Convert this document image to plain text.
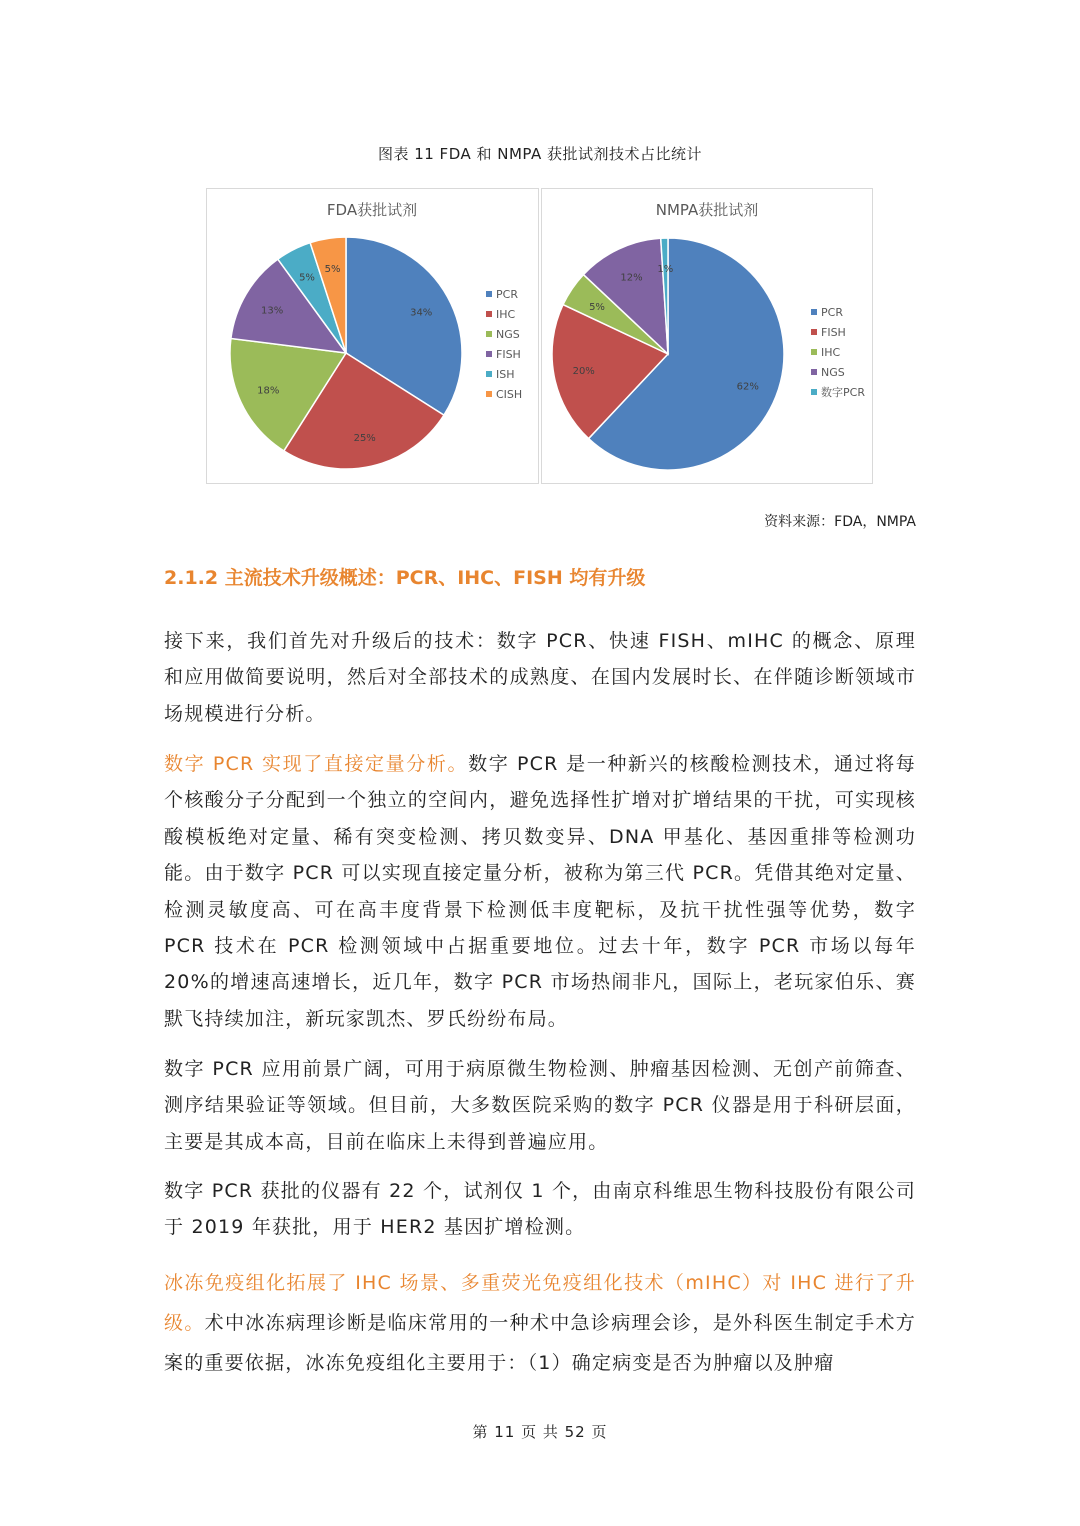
图表 11 FDA 和 NMPA 获批试剂技术占比统计
FDA获批试剂
34%
25%
18%
13%
5%
5%
PCR
IHC
NGS
FISH
ISH
CISH
NMPA获批试剂
62%
20%
5%
12%
1%
PCR
FISH
IHC
NGS
数字PCR
资料来源：FDA，NMPA
2.1.2 主流技术升级概述：PCR、IHC、FISH 均有升级

接下来，我们首先对升级后的技术：数字 PCR、快速 FISH、mIHC 的概念、原理和应用做简要说明，然后对全部技术的成熟度、在国内发展时长、在伴随诊断领域市场规模进行分析。

数字 PCR 实现了直接定量分析。数字 PCR 是一种新兴的核酸检测技术，通过将每个核酸分子分配到一个独立的空间内，避免选择性扩增对扩增结果的干扰，可实现核酸模板绝对定量、稀有突变检测、拷贝数变异、DNA 甲基化、基因重排等检测功能。由于数字 PCR 可以实现直接定量分析，被称为第三代 PCR。凭借其绝对定量、检测灵敏度高、可在高丰度背景下检测低丰度靶标，及抗干扰性强等优势，数字 PCR 技术在 PCR 检测领域中占据重要地位。过去十年，数字 PCR 市场以每年 20%的增速高速增长，近几年，数字 PCR 市场热闹非凡，国际上，老玩家伯乐、赛默飞持续加注，新玩家凯杰、罗氏纷纷布局。

数字 PCR 应用前景广阔，可用于病原微生物检测、肿瘤基因检测、无创产前筛查、测序结果验证等领域。但目前，大多数医院采购的数字 PCR 仪器是用于科研层面，主要是其成本高，目前在临床上未得到普遍应用。

数字 PCR 获批的仪器有 22 个，试剂仅 1 个，由南京科维思生物科技股份有限公司于 2019 年获批，用于 HER2 基因扩增检测。

冰冻免疫组化拓展了 IHC 场景、多重荧光免疫组化技术（mIHC）对 IHC 进行了升级。术中冰冻病理诊断是临床常用的一种术中急诊病理会诊，是外科医生制定手术方案的重要依据，冰冻免疫组化主要用于：（1）确定病变是否为肿瘤以及肿瘤

第 11 页 共 52 页
